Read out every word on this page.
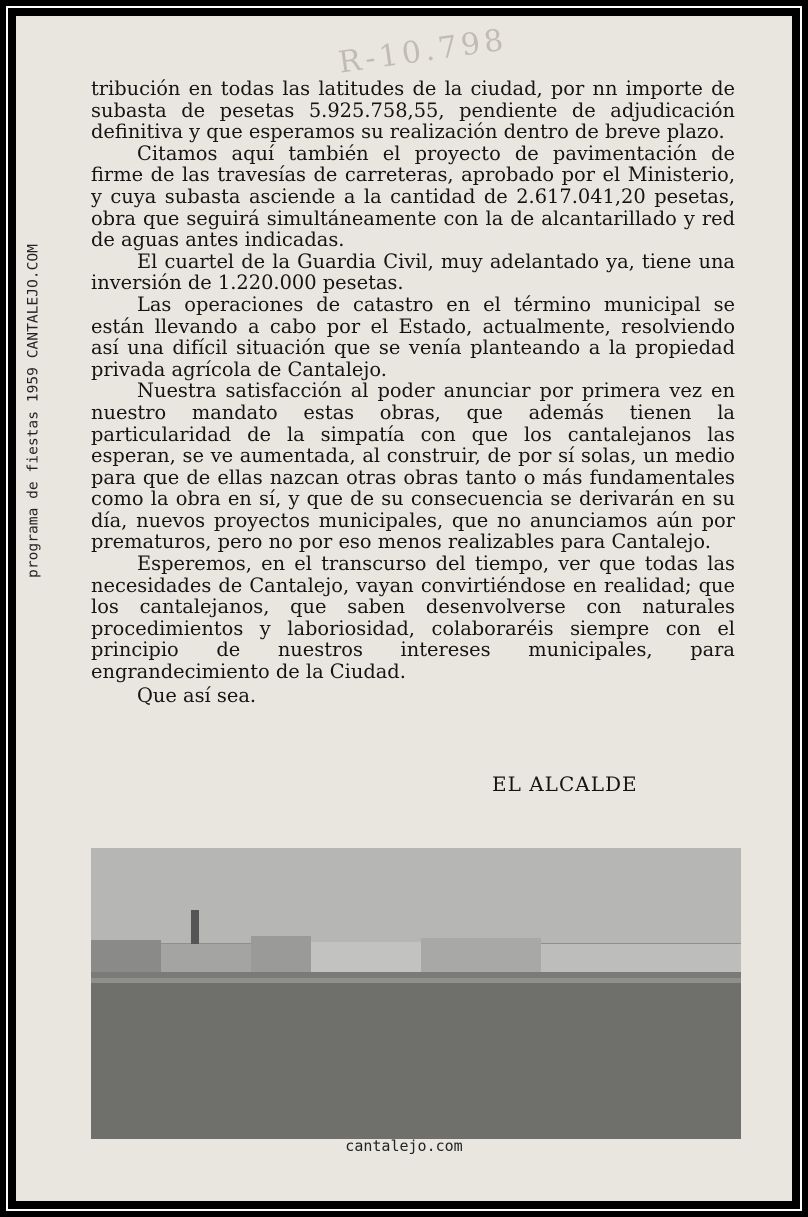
R-10.798

tribución en todas las latitudes de la ciudad, por nn importe de subasta de pesetas 5.925.758,55, pendiente de adjudicación definitiva y que esperamos su realización dentro de breve plazo.

Citamos aquí también el proyecto de pavimentación de firme de las travesías de carreteras, aprobado por el Ministerio, y cuya subasta asciende a la cantidad de 2.617.041,20 pesetas, obra que seguirá simultáneamente con la de alcantarillado y red de aguas antes indicadas.

El cuartel de la Guardia Civil, muy adelantado ya, tiene una inversión de 1.220.000 pesetas.

Las operaciones de catastro en el término municipal se están llevando a cabo por el Estado, actualmente, resolviendo así una difícil situación que se venía planteando a la propiedad privada agrícola de Cantalejo.

Nuestra satisfacción al poder anunciar por primera vez en nuestro mandato estas obras, que además tienen la particularidad de la simpatía con que los cantalejanos las esperan, se ve aumentada, al construir, de por sí solas, un medio para que de ellas nazcan otras obras tanto o más fundamentales como la obra en sí, y que de su consecuencia se derivarán en su día, nuevos proyectos municipales, que no anunciamos aún por prematuros, pero no por eso menos realizables para Cantalejo.

Esperemos, en el transcurso del tiempo, ver que todas las necesidades de Cantalejo, vayan convirtiéndose en realidad; que los cantalejanos, que saben desenvolverse con naturales procedimientos y laboriosidad, colaboraréis siempre con el principio de nuestros intereses municipales, para engrandecimiento de la Ciudad.

Que así sea.

EL ALCALDE
cantalejo.com
programa de fiestas 1959 CANTALEJO.COM
